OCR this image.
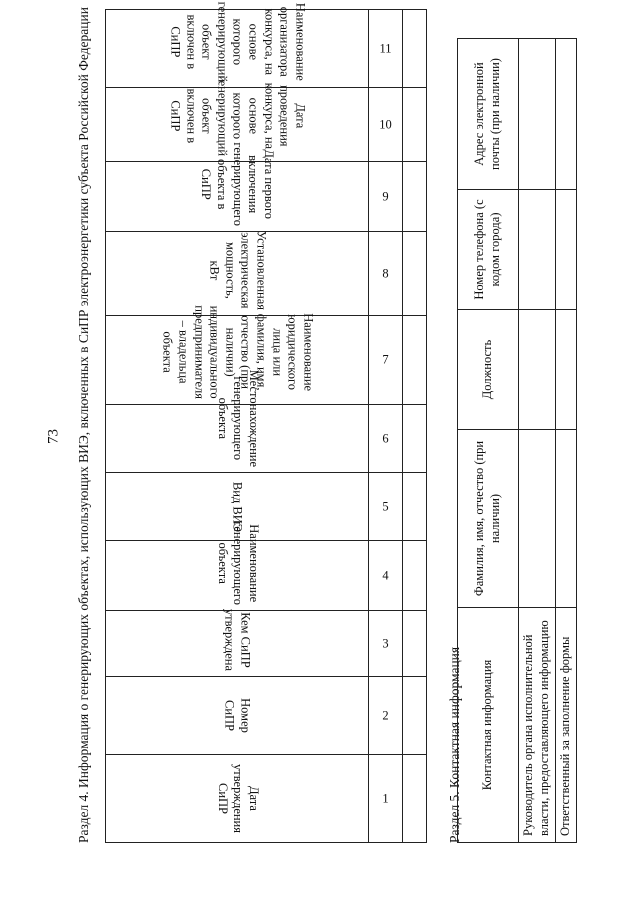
73 Раздел 4. Информация о генерирующих объектах, использующих ВИЭ, включенных в СиПР электроэнергетики субъекта Российской Федерации	Дата утверждения СиПР	Номер СиПР	Кем СиПР утверждена	Наименование генерирующего объекта	Вид ВИЭ	Местонахождение генерирующего объекта	Наименование юридического лица или фамилия, имя, отчество (при наличии) индивидуального предпринимателя – владельца объекта	Установленная электрическая мощность, кВт	Дата первого включения генерирующего объекта в СиПР	Дата проведения конкурса, на основе которого генерирующий объект включен в СиПР	Наименование организатора конкурса, на основе которого генерирующий объект включен в СиПР
1	2	3	4	5	6	7	8	9	10	11

Раздел 5. Контактная информация Контактная информация	Фамилия, имя, отчество (при наличии)	Должность	Номер телефона (с кодом города)	Адрес электронной почты (при наличии)
Руководитель органа исполнительной власти, предоставляющего информацию				
Ответственный за заполнение формы				
